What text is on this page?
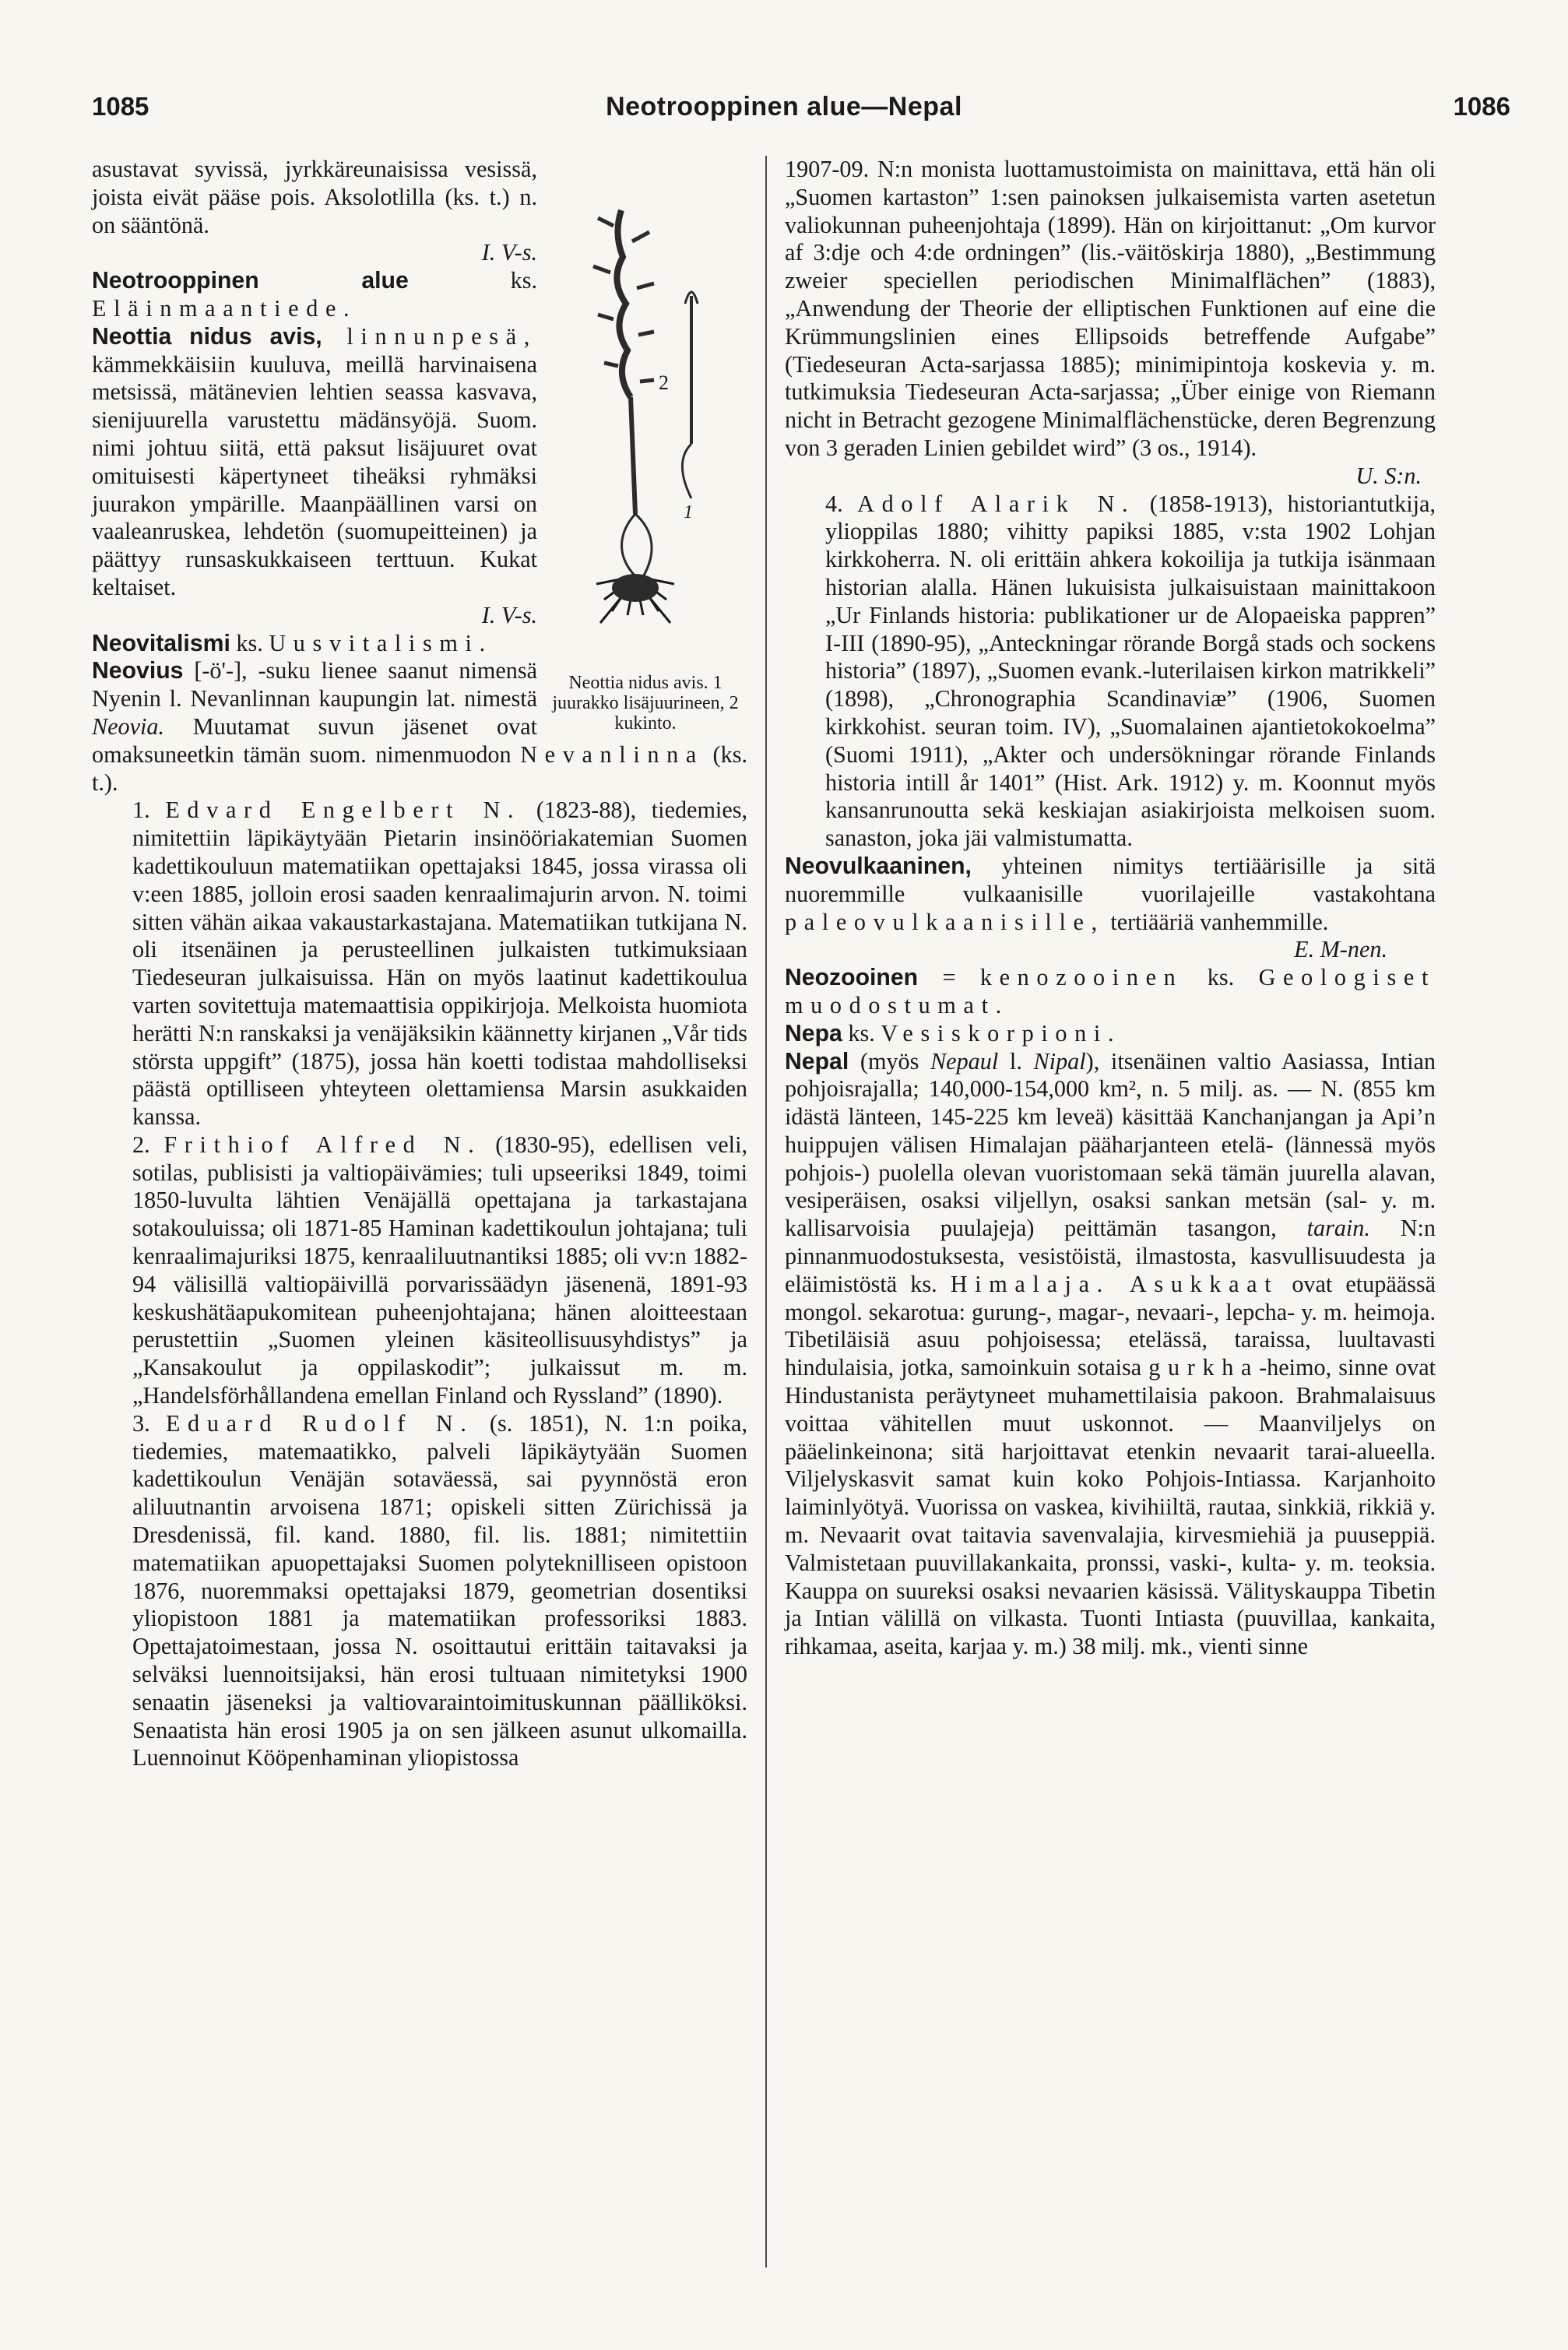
1085	Neotrooppinen alue—Nepal	1086
2
1
Neottia nidus avis. 1 juurakko lisäjuurineen, 2 kukinto.

asustavat syvissä, jyrkkäreunaisissa vesissä, joista eivät pääse pois. Aksolotlilla (ks. t.) n. on sääntönä.

I. V-s.

Neotrooppinen alue ks. Eläinmaantiede.

Neottia nidus avis, linnunpesä, kämmekkäisiin kuuluva, meillä harvinaisena metsissä, mätänevien lehtien seassa kasvava, sienijuurella varustettu mädänsyöjä. Suom. nimi johtuu siitä, että paksut lisäjuuret ovat omituisesti käpertyneet tiheäksi ryhmäksi juurakon ympärille. Maanpäällinen varsi on vaaleanruskea, lehdetön (suomupeitteinen) ja päättyy runsaskukkaiseen terttuun. Kukat keltaiset.

I. V-s.

Neovitalismi ks. Uusvitalismi.

Neovius [-ö'-], -suku lienee saanut nimensä Nyenin l. Nevanlinnan kaupungin lat. nimestä Neovia. Muutamat suvun jäsenet ovat omaksuneetkin tämän suom. nimenmuodon Nevanlinna (ks. t.).

1. Edvard Engelbert N. (1823-88), tiedemies, nimitettiin läpikäytyään Pietarin insinööriakatemian Suomen kadettikouluun matematiikan opettajaksi 1845, jossa virassa oli v:een 1885, jolloin erosi saaden kenraalimajurin arvon. N. toimi sitten vähän aikaa vakaustarkastajana. Matematiikan tutkijana N. oli itsenäinen ja perusteellinen julkaisten tutkimuksiaan Tiedeseuran julkaisuissa. Hän on myös laatinut kadettikoulua varten sovitettuja matemaattisia oppikirjoja. Melkoista huomiota herätti N:n ranskaksi ja venäjäksikin käännetty kirjanen „Vår tids största uppgift” (1875), jossa hän koetti todistaa mahdolliseksi päästä optilliseen yhteyteen olettamiensa Marsin asukkaiden kanssa.

2. Frithiof Alfred N. (1830-95), edellisen veli, sotilas, publisisti ja valtiopäivämies; tuli upseeriksi 1849, toimi 1850-luvulta lähtien Venäjällä opettajana ja tarkastajana sotakouluissa; oli 1871-85 Haminan kadettikoulun johtajana; tuli kenraalimajuriksi 1875, kenraaliluutnantiksi 1885; oli vv:n 1882-94 välisillä valtiopäivillä porvarissäädyn jäsenenä, 1891-93 keskushätäapukomitean puheenjohtajana; hänen aloitteestaan perustettiin „Suomen yleinen käsiteollisuusyhdistys” ja „Kansakoulut ja oppilaskodit”; julkaissut m. m. „Handelsförhållandena emellan Finland och Ryssland” (1890).

3. Eduard Rudolf N. (s. 1851), N. 1:n poika, tiedemies, matemaatikko, palveli läpikäytyään Suomen kadettikoulun Venäjän sotaväessä, sai pyynnöstä eron aliluutnantin arvoisena 1871; opiskeli sitten Zürichissä ja Dresdenissä, fil. kand. 1880, fil. lis. 1881; nimitettiin matematiikan apuopettajaksi Suomen polyteknilliseen opistoon 1876, nuoremmaksi opettajaksi 1879, geometrian dosentiksi yliopistoon 1881 ja matematiikan professoriksi 1883. Opettajatoimestaan, jossa N. osoittautui erittäin taitavaksi ja selväksi luennoitsijaksi, hän erosi tultuaan nimitetyksi 1900 senaatin jäseneksi ja valtiovaraintoimituskunnan päälliköksi. Senaatista hän erosi 1905 ja on sen jälkeen asunut ulkomailla. Luennoinut Kööpenhaminan yliopistossa

1907-09. N:n monista luottamustoimista on mainittava, että hän oli „Suomen kartaston” 1:sen painoksen julkaisemista varten asetetun valiokunnan puheenjohtaja (1899). Hän on kirjoittanut: „Om kurvor af 3:dje och 4:de ordningen” (lis.-väitöskirja 1880), „Bestimmung zweier speciellen periodischen Minimalflächen” (1883), „Anwendung der Theorie der elliptischen Funktionen auf eine die Krümmungslinien eines Ellipsoids betreffende Aufgabe” (Tiedeseuran Acta-sarjassa 1885); minimipintoja koskevia y. m. tutkimuksia Tiedeseuran Acta-sarjassa; „Über einige von Riemann nicht in Betracht gezogene Minimalflächenstücke, deren Begrenzung von 3 geraden Linien gebildet wird” (3 os., 1914).

U. S:n.

4. Adolf Alarik N. (1858-1913), historiantutkija, ylioppilas 1880; vihitty papiksi 1885, v:sta 1902 Lohjan kirkkoherra. N. oli erittäin ahkera kokoilija ja tutkija isänmaan historian alalla. Hänen lukuisista julkaisuistaan mainittakoon „Ur Finlands historia: publikationer ur de Alopaeiska pappren” I-III (1890-95), „Anteckningar rörande Borgå stads och sockens historia” (1897), „Suomen evank.-luterilaisen kirkon matrikkeli” (1898), „Chronographia Scandinaviæ” (1906, Suomen kirkkohist. seuran toim. IV), „Suomalainen ajantietokokoelma” (Suomi 1911), „Akter och undersökningar rörande Finlands historia intill år 1401” (Hist. Ark. 1912) y. m. Koonnut myös kansanrunoutta sekä keskiajan asiakirjoista melkoisen suom. sanaston, joka jäi valmistumatta.

Neovulkaaninen, yhteinen nimitys tertiäärisille ja sitä nuoremmille vulkaanisille vuorilajeille vastakohtana paleovulkaanisille, tertiääriä vanhemmille.

E. M-nen.

Neozooinen = kenozooinen ks. Geologiset muodostumat.

Nepa ks. Vesiskorpioni.

Nepal (myös Nepaul l. Nipal), itsenäinen valtio Aasiassa, Intian pohjoisrajalla; 140,000-154,000 km², n. 5 milj. as. — N. (855 km idästä länteen, 145-225 km leveä) käsittää Kanchanjangan ja Api’n huippujen välisen Himalajan pääharjanteen etelä- (lännessä myös pohjois-) puolella olevan vuoristomaan sekä tämän juurella alavan, vesiperäisen, osaksi viljellyn, osaksi sankan metsän (sal- y. m. kallisarvoisia puulajeja) peittämän tasangon, tarain. N:n pinnanmuodostuksesta, vesistöistä, ilmastosta, kasvullisuudesta ja eläimistöstä ks. Himalaja. Asukkaat ovat etupäässä mongol. sekarotua: gurung-, magar-, nevaari-, lepcha- y. m. heimoja. Tibetiläisiä asuu pohjoisessa; etelässä, taraissa, luultavasti hindulaisia, jotka, samoinkuin sotaisa gurkha-heimo, sinne ovat Hindustanista peräytyneet muhamettilaisia pakoon. Brahmalaisuus voittaa vähitellen muut uskonnot. — Maanviljelys on pääelinkeinona; sitä harjoittavat etenkin nevaarit tarai-alueella. Viljelyskasvit samat kuin koko Pohjois-Intiassa. Karjanhoito laiminlyötyä. Vuorissa on vaskea, kivihiiltä, rautaa, sinkkiä, rikkiä y. m. Nevaarit ovat taitavia savenvalajia, kirvesmiehiä ja puuseppiä. Valmistetaan puuvillakankaita, pronssi, vaski-, kulta- y. m. teoksia. Kauppa on suureksi osaksi nevaarien käsissä. Välityskauppa Tibetin ja Intian välillä on vilkasta. Tuonti Intiasta (puuvillaa, kankaita, rihkamaa, aseita, karjaa y. m.) 38 milj. mk., vienti sinne
